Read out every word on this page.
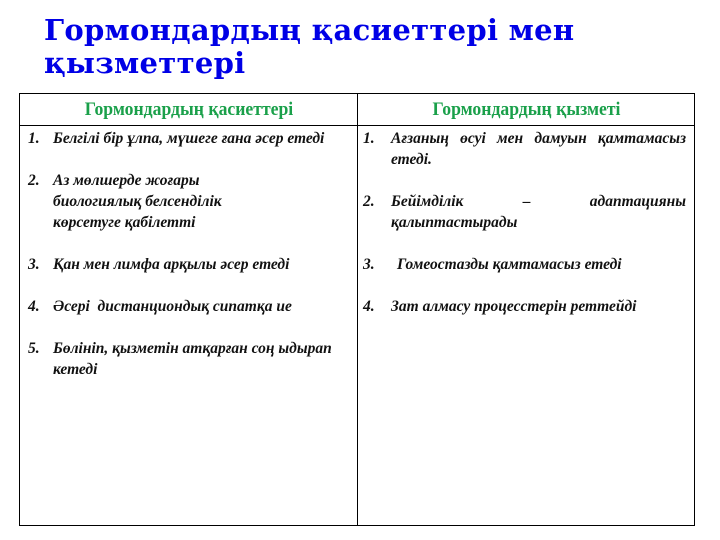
Гормондардың қасиеттері мен қызметтері
Гормондардың қасиеттері	Гормондардың қызметі

1. Белгілі бір ұлпа, мүшеге ғана әсер етеді
2. Аз мөлшерде жоғары биологиялық белсенділік көрсетуге қабілетті
3. Қан мен лимфа арқылы әсер етеді
4. Әсері  дистанциондық сипатқа ие
5. Бөлініп, қызметін атқарған соң ыдырап кетеді

1. Ағзаның өсуі мен дамуын қамтамасыз етеді.
2. Бейімділік – адаптацияны қалыптастырады
3.	Гомеостазды қамтамасыз етеді
4. Зат алмасу процесстерін реттейді
